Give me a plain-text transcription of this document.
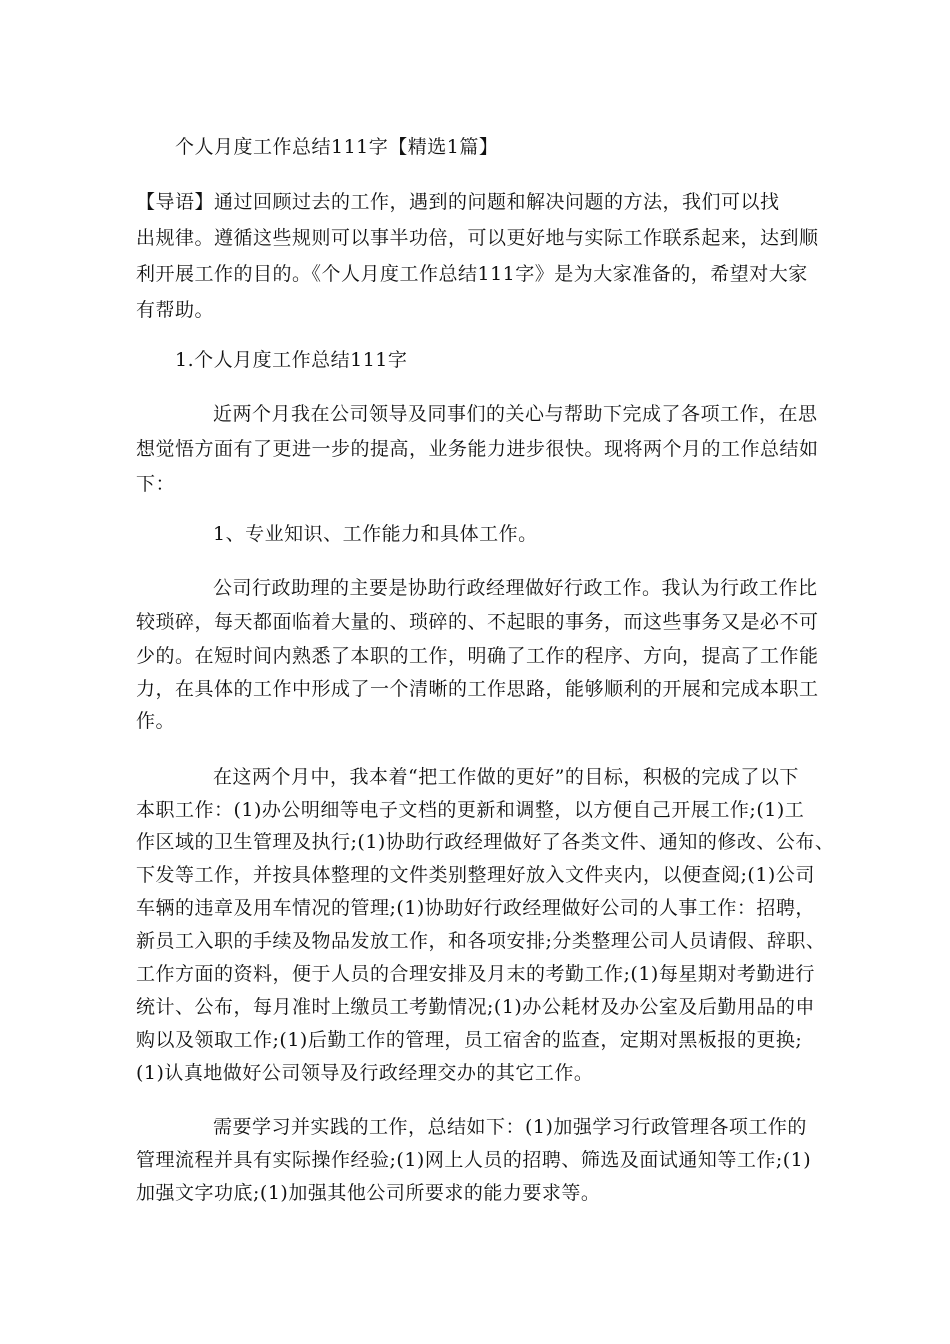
个人月度工作总结111字【精选1篇】
【导语】通过回顾过去的工作，遇到的问题和解决问题的方法，我们可以找
出规律。遵循这些规则可以事半功倍，可以更好地与实际工作联系起来，达到顺
利开展工作的目的。《个人月度工作总结111字》是为大家准备的，希望对大家
有帮助。
1.个人月度工作总结111字
近两个月我在公司领导及同事们的关心与帮助下完成了各项工作，在思
想觉悟方面有了更进一步的提高，业务能力进步很快。现将两个月的工作总结如
下：
1、专业知识、工作能力和具体工作。
公司行政助理的主要是协助行政经理做好行政工作。我认为行政工作比
较琐碎，每天都面临着大量的、琐碎的、不起眼的事务，而这些事务又是必不可
少的。在短时间内熟悉了本职的工作，明确了工作的程序、方向，提高了工作能
力，在具体的工作中形成了一个清晰的工作思路，能够顺利的开展和完成本职工
作。
在这两个月中，我本着“把工作做的更好”的目标，积极的完成了以下
本职工作：(1)办公明细等电子文档的更新和调整，以方便自己开展工作;(1)工
作区域的卫生管理及执行;(1)协助行政经理做好了各类文件、通知的修改、公布、
下发等工作，并按具体整理的文件类别整理好放入文件夹内，以便查阅;(1)公司
车辆的违章及用车情况的管理;(1)协助好行政经理做好公司的人事工作：招聘，
新员工入职的手续及物品发放工作，和各项安排;分类整理公司人员请假、辞职、
工作方面的资料，便于人员的合理安排及月末的考勤工作;(1)每星期对考勤进行
统计、公布，每月准时上缴员工考勤情况;(1)办公耗材及办公室及后勤用品的申
购以及领取工作;(1)后勤工作的管理，员工宿舍的监查，定期对黑板报的更换;
(1)认真地做好公司领导及行政经理交办的其它工作。
需要学习并实践的工作，总结如下：(1)加强学习行政管理各项工作的
管理流程并具有实际操作经验;(1)网上人员的招聘、筛选及面试通知等工作;(1)
加强文字功底;(1)加强其他公司所要求的能力要求等。
